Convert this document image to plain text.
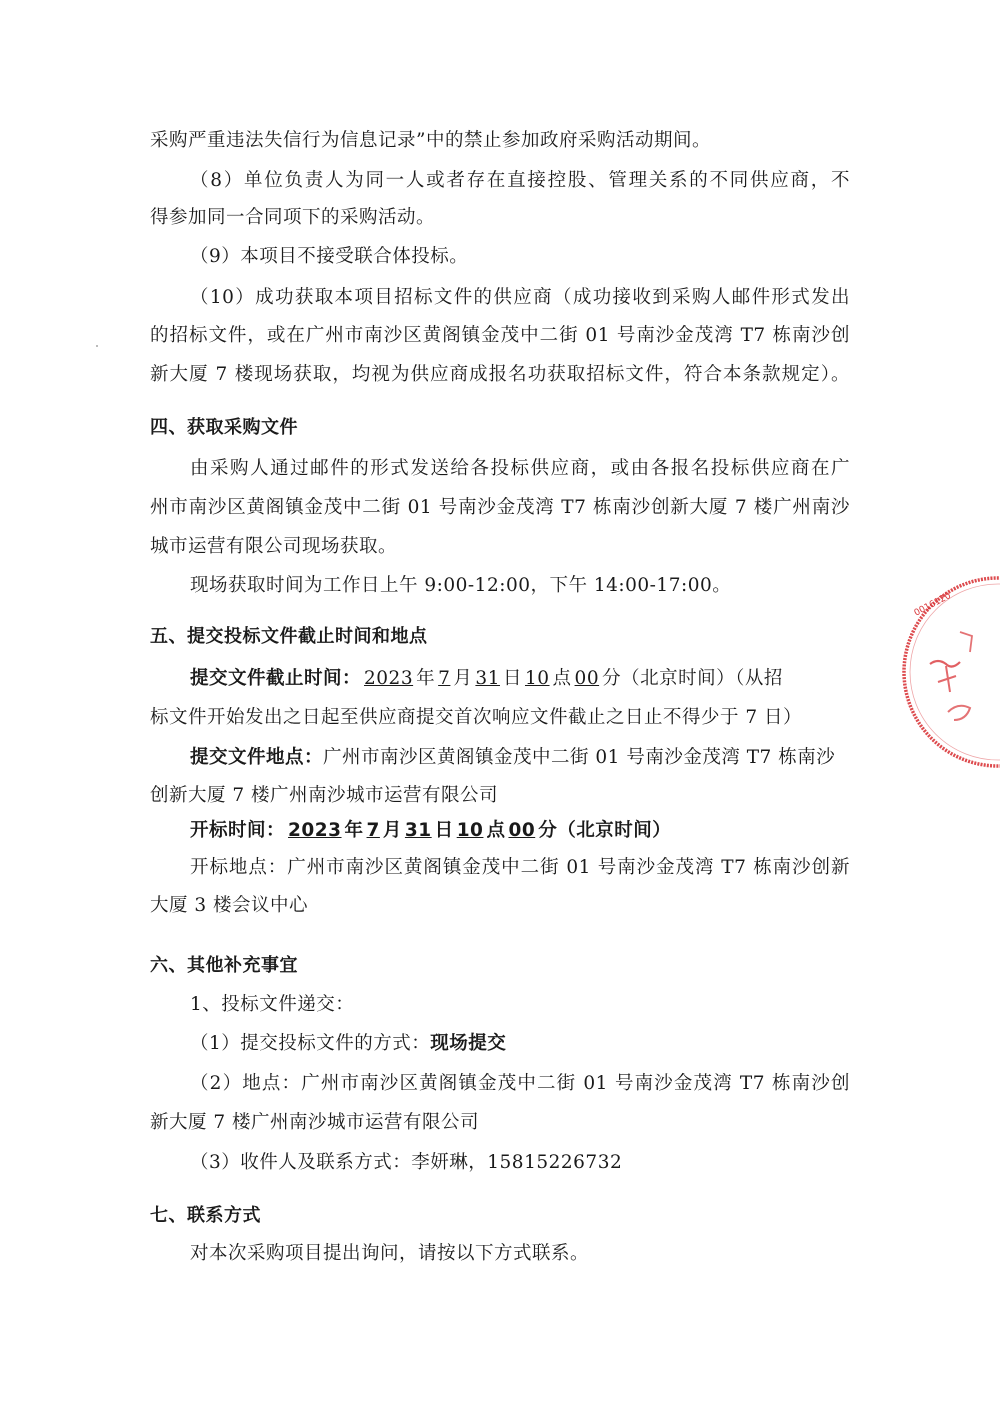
采购严重违法失信行为信息记录”中的禁止参加政府采购活动期间。

（8）单位负责人为同一人或者存在直接控股、管理关系的不同供应商，不

得参加同一合同项下的采购活动。

（9）本项目不接受联合体投标。

（10）成功获取本项目招标文件的供应商（成功接收到采购人邮件形式发出

的招标文件，或在广州市南沙区黄阁镇金茂中二街 01 号南沙金茂湾 T7 栋南沙创

新大厦 7 楼现场获取，均视为供应商成报名功获取招标文件，符合本条款规定）。

四、获取采购文件

由采购人通过邮件的形式发送给各投标供应商，或由各报名投标供应商在广

州市南沙区黄阁镇金茂中二街 01 号南沙金茂湾 T7 栋南沙创新大厦 7 楼广州南沙

城市运营有限公司现场获取。

现场获取时间为工作日上午 9:00-12:00，下午 14:00-17:00。

五、提交投标文件截止时间和地点

提交文件截止时间： 2023 年 7 月 31 日 10 点 00 分（北京时间）（从招

标文件开始发出之日起至供应商提交首次响应文件截止之日止不得少于 7 日）

提交文件地点：广州市南沙区黄阁镇金茂中二街 01 号南沙金茂湾 T7 栋南沙

创新大厦 7 楼广州南沙城市运营有限公司

开标时间： 2023 年 7 月 31 日 10 点 00 分（北京时间）

开标地点：广州市南沙区黄阁镇金茂中二街 01 号南沙金茂湾 T7 栋南沙创新

大厦 3 楼会议中心

六、其他补充事宜

1、投标文件递交：

（1）提交投标文件的方式：现场提交

（2）地点：广州市南沙区黄阁镇金茂中二街 01 号南沙金茂湾 T7 栋南沙创

新大厦 7 楼广州南沙城市运营有限公司

（3）收件人及联系方式：李妍琳，15815226732

七、联系方式

对本次采购项目提出询问，请按以下方式联系。

0016120
